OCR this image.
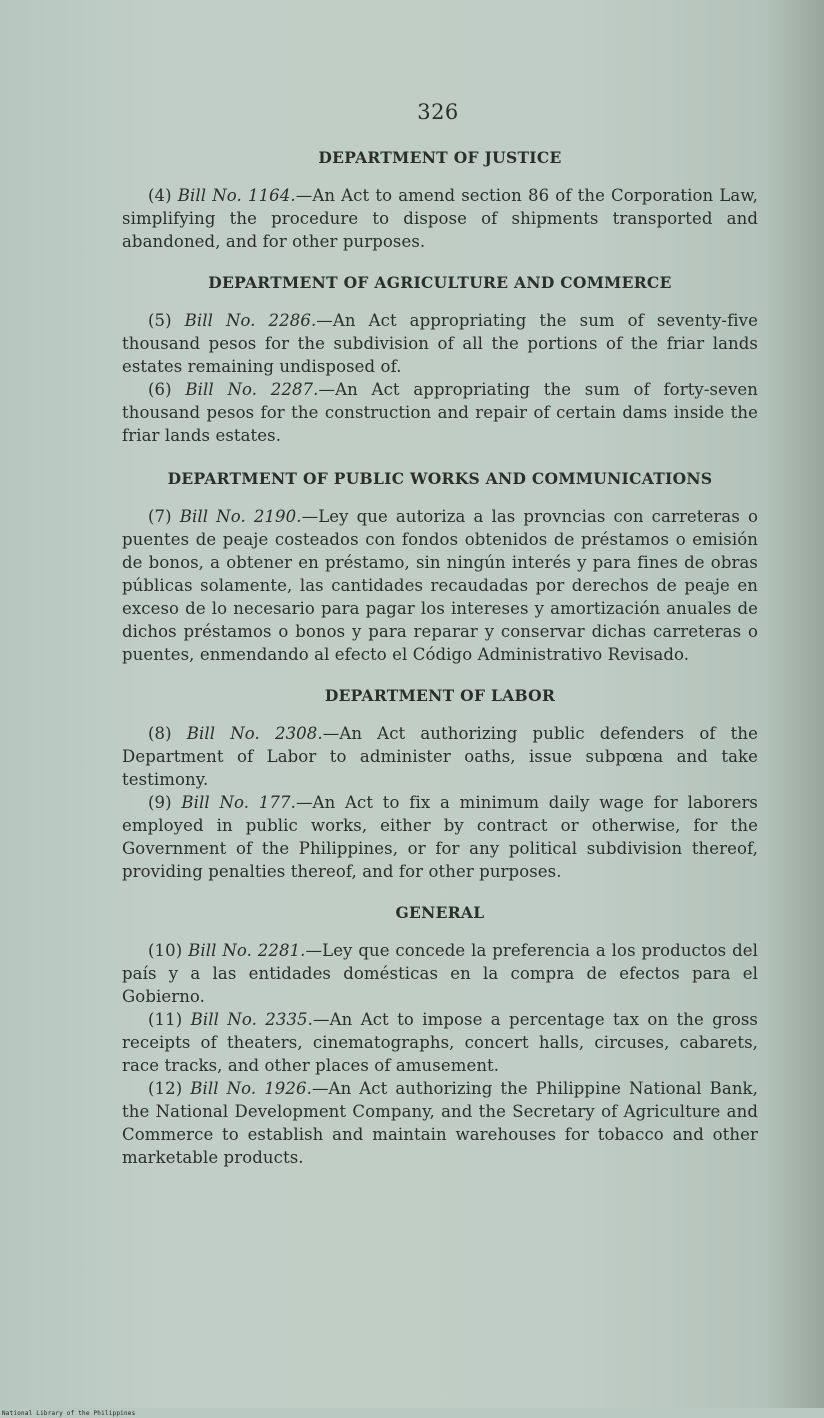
326
DEPARTMENT OF JUSTICE

(4) Bill No. 1164.—An Act to amend section 86 of the Corporation Law, simplifying the procedure to dispose of shipments transported and abandoned, and for other purposes.

DEPARTMENT OF AGRICULTURE AND COMMERCE

(5) Bill No. 2286.—An Act appropriating the sum of seventy-five thousand pesos for the subdivision of all the portions of the friar lands estates remaining undisposed of.

(6) Bill No. 2287.—An Act appropriating the sum of forty-seven thousand pesos for the construction and repair of certain dams inside the friar lands estates.

DEPARTMENT OF PUBLIC WORKS AND COMMUNICATIONS

(7) Bill No. 2190.—Ley que autoriza a las provncias con carreteras o puentes de peaje costeados con fondos obtenidos de préstamos o emisión de bonos, a obtener en préstamo, sin ningún interés y para fines de obras públicas solamente, las cantidades recaudadas por derechos de peaje en exceso de lo necesario para pagar los intereses y amortización anuales de dichos préstamos o bonos y para reparar y conservar dichas carreteras o puentes, enmendando al efecto el Código Administrativo Revisado.

DEPARTMENT OF LABOR

(8) Bill No. 2308.—An Act authorizing public defenders of the Department of Labor to administer oaths, issue subpœna and take testimony.

(9) Bill No. 177.—An Act to fix a minimum daily wage for laborers employed in public works, either by contract or otherwise, for the Government of the Philippines, or for any political subdivision thereof, providing penalties thereof, and for other purposes.

GENERAL

(10) Bill No. 2281.—Ley que concede la preferencia a los productos del país y a las entidades domésticas en la compra de efectos para el Gobierno.

(11) Bill No. 2335.—An Act to impose a percentage tax on the gross receipts of theaters, cinematographs, concert halls, circuses, cabarets, race tracks, and other places of amusement.

(12) Bill No. 1926.—An Act authorizing the Philippine National Bank, the National Development Company, and the Secretary of Agriculture and Commerce to establish and maintain warehouses for tobacco and other marketable products.

National Library of the Philippines
